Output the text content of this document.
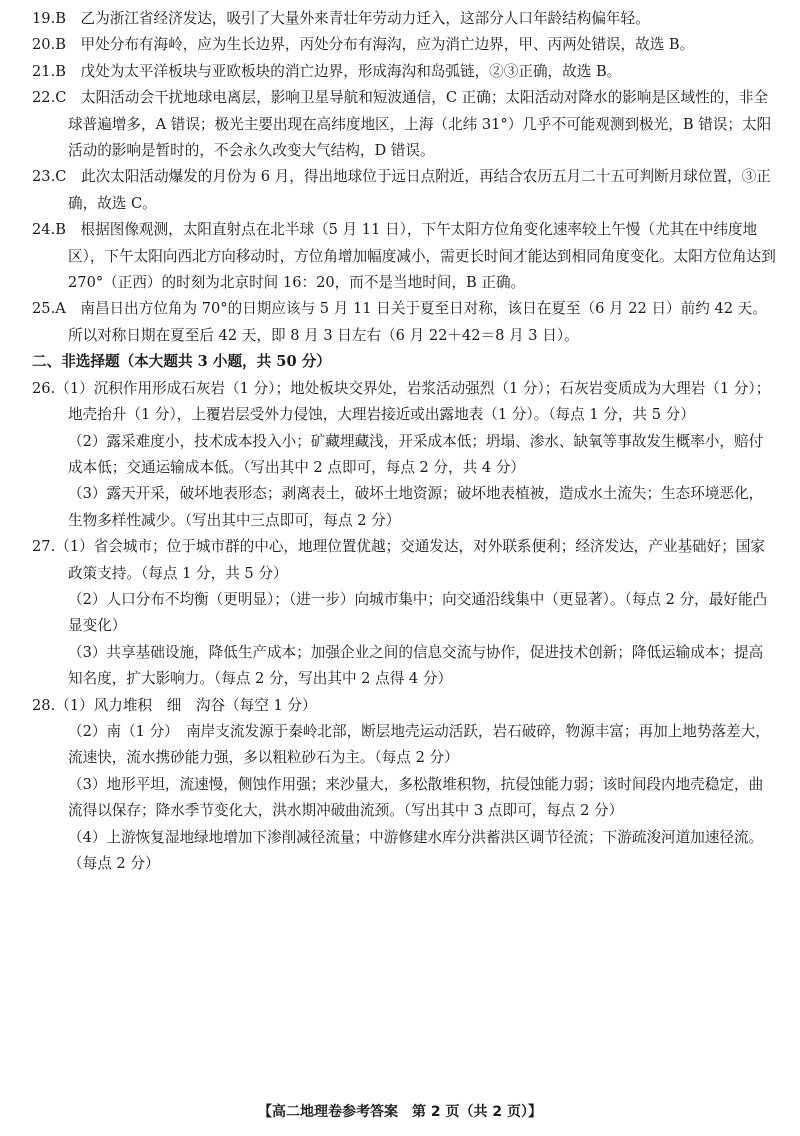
19.B　乙为浙江省经济发达，吸引了大量外来青壮年劳动力迁入，这部分人口年龄结构偏年轻。

20.B　甲处分布有海岭，应为生长边界，丙处分布有海沟，应为消亡边界，甲、丙两处错误，故选 B。

21.B　戊处为太平洋板块与亚欧板块的消亡边界，形成海沟和岛弧链，②③正确，故选 B。

22.C　太阳活动会干扰地球电离层，影响卫星导航和短波通信，C 正确；太阳活动对降水的影响是区域性的，非全球普遍增多，A 错误；极光主要出现在高纬度地区，上海（北纬 31°）几乎不可能观测到极光，B 错误；太阳活动的影响是暂时的，不会永久改变大气结构，D 错误。

23.C　此次太阳活动爆发的月份为 6 月，得出地球位于远日点附近，再结合农历五月二十五可判断月球位置，③正确，故选 C。

24.B　根据图像观测，太阳直射点在北半球（5 月 11 日），下午太阳方位角变化速率较上午慢（尤其在中纬度地区），下午太阳向西北方向移动时，方位角增加幅度减小，需更长时间才能达到相同角度变化。太阳方位角达到 270°（正西）的时刻为北京时间 16：20，而不是当地时间，B 正确。

25.A　南昌日出方位角为 70°的日期应该与 5 月 11 日关于夏至日对称，该日在夏至（6 月 22 日）前约 42 天。所以对称日期在夏至后 42 天，即 8 月 3 日左右（6 月 22＋42＝8 月 3 日）。

二、非选择题（本大题共 3 小题，共 50 分）

26.（1）沉积作用形成石灰岩（1 分）；地处板块交界处，岩浆活动强烈（1 分）；石灰岩变质成为大理岩（1 分）；地壳抬升（1 分），上覆岩层受外力侵蚀，大理岩接近或出露地表（1 分）。（每点 1 分，共 5 分）

（2）露采难度小，技术成本投入小；矿藏埋藏浅，开采成本低；坍塌、渗水、缺氧等事故发生概率小，赔付成本低；交通运输成本低。（写出其中 2 点即可，每点 2 分，共 4 分）

（3）露天开采，破坏地表形态；剥离表土，破坏土地资源；破坏地表植被，造成水土流失；生态环境恶化，生物多样性减少。（写出其中三点即可，每点 2 分）

27.（1）省会城市；位于城市群的中心，地理位置优越；交通发达，对外联系便利；经济发达，产业基础好；国家政策支持。（每点 1 分，共 5 分）

（2）人口分布不均衡（更明显）；（进一步）向城市集中；向交通沿线集中（更显著）。（每点 2 分，最好能凸显变化）

（3）共享基础设施，降低生产成本；加强企业之间的信息交流与协作，促进技术创新；降低运输成本；提高知名度，扩大影响力。（每点 2 分，写出其中 2 点得 4 分）

28.（1）风力堆积　细　沟谷（每空 1 分）

（2）南（1 分）　南岸支流发源于秦岭北部，断层地壳运动活跃，岩石破碎，物源丰富；再加上地势落差大，流速快，流水携砂能力强，多以粗粒砂石为主。（每点 2 分）

（3）地形平坦，流速慢，侧蚀作用强；来沙量大，多松散堆积物，抗侵蚀能力弱；该时间段内地壳稳定，曲流得以保存；降水季节变化大，洪水期冲破曲流颈。（写出其中 3 点即可，每点 2 分）

（4）上游恢复湿地绿地增加下渗削减径流量；中游修建水库分洪蓄洪区调节径流；下游疏浚河道加速径流。（每点 2 分）

【高二地理卷参考答案　第 2 页（共 2 页）】
